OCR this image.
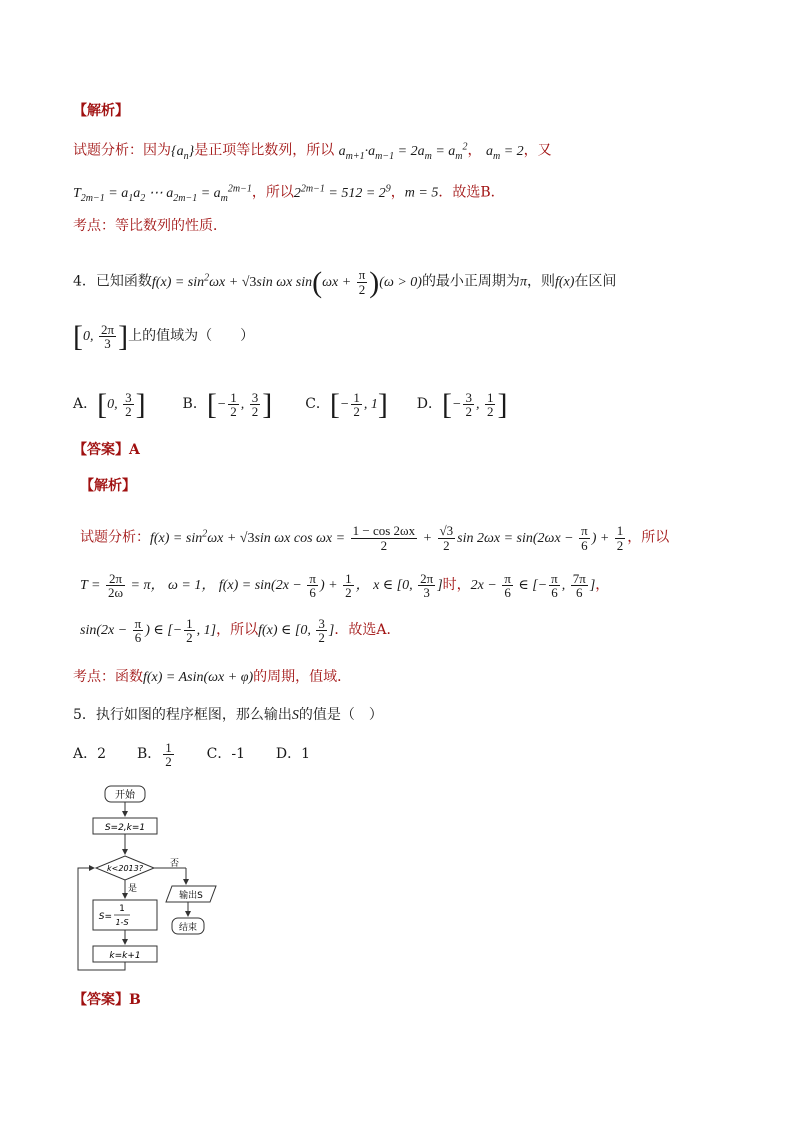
【解析】
试题分析：因为$\{a_n\}$是正项等比数列，所以 $a_{m+1}\cdot a_{m-1} = 2a_m = a_m^2$， $a_m = 2$，又
$T_{2m-1} = a_1a_2$ ⋯ $a_{2m-1} = a_m^{2m-1}$，所以$2^{2m-1} = 512 = 2^9$，m = 5．故选B．
考点：等比数列的性质．
4．已知函数$f(x) = \sin^2\omega x + √3\sin$ ωx $\sin(\omega x + \frac{\pi}{2} )(\omega > 0)$的最小正周期为π，则f(x)在区间
[0, $\frac{2\pi}{3}$ ]上的值域为（　　）
A．[0, $\frac{3}{2}$ ]	B．[− $\frac{1}{2}$ , $\frac{3}{2}$ ] C．[− $\frac{1}{2}$ , 1] D．[− $\frac{3}{2}$ , $\frac{1}{2}$ ]
【答案】A
【解析】
试题分析：$f(x) = \sin^2\omega x + √3\sin$ ωx $\cos \omega x = \frac{1 - \cos 2\omega x}{2} + \frac{√3}{2}$ $\sin 2\omega x = \sin(2\omega x - \frac{\pi}{6}$ ) + $\frac{1}{2}$ ，所以
$T = \frac{2\pi}{2\omega} = \pi$， ω = 1， $f(x) = \sin(2x - \frac{\pi}{6}$ ) + $\frac{1}{2}$ ， x ∈ [0, $\frac{2\pi}{3}$ ]时，$2x - \frac{\pi}{6}$ ∈ [− $\frac{\pi}{6}$ , $\frac{7\pi}{6}$ ]，
$\sin(2x - \frac{\pi}{6}$ ) ∈ [− $\frac{1}{2}$ , 1]，所以f(x) ∈ [0, $\frac{3}{2}$ ]．故选A．
考点：函数f(x) = Asin(ωx + φ)的周期，值域．
5．执行如图的程序框图，那么输出S的值是（　）
A．2 B． $\frac{1}{2}$ C．-1 D．1
开始
S=2,k=1
k<2013?	否
输出S
结束
是
S=
1
1-S
k=k+1
【答案】B
